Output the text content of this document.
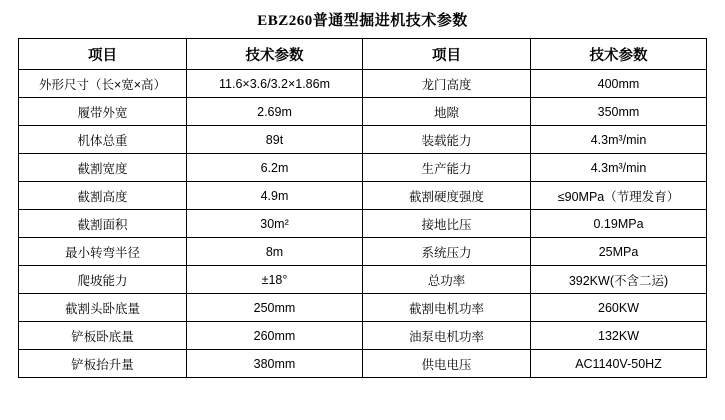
EBZ260普通型掘进机技术参数
项目	技术参数	项目	技术参数
外形尺寸（长×宽×高）	11.6×3.6/3.2×1.86m	龙门高度	400mm
履带外宽	2.69m	地隙	350mm
机体总重	89t	装载能力	4.3m³/min
截割宽度	6.2m	生产能力	4.3m³/min
截割高度	4.9m	截割硬度强度	≤90MPa（节理发育）
截割面积	30m²	接地比压	0.19MPa
最小转弯半径	8m	系统压力	25MPa
爬坡能力	±18°	总功率	392KW(不含二运)
截割头卧底量	250mm	截割电机功率	260KW
铲板卧底量	260mm	油泵电机功率	132KW
铲板抬升量	380mm	供电电压	AC1140V-50HZ
